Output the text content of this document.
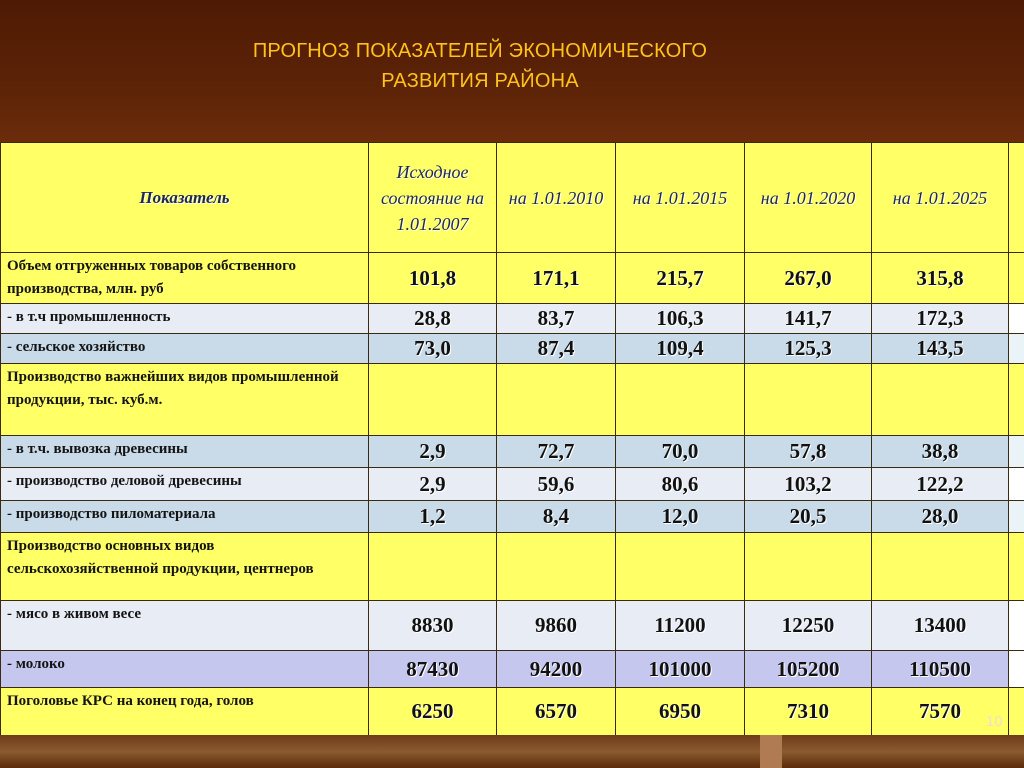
ПРОГНОЗ ПОКАЗАТЕЛЕЙ ЭКОНОМИЧЕСКОГО РАЗВИТИЯ РАЙОНА
Показатель	Исходное состояние на 1.01.2007	на 1.01.2010	на 1.01.2015	на 1.01.2020	на 1.01.2025	
Объем отгруженных товаров собственного производства, млн. руб	101,8	171,1	215,7	267,0	315,8	
- в т.ч промышленность	28,8	83,7	106,3	141,7	172,3	
- сельское хозяйство	73,0	87,4	109,4	125,3	143,5	
Производство важнейших видов промышленной продукции, тыс. куб.м.						
- в т.ч. вывозка древесины	2,9	72,7	70,0	57,8	38,8	
- производство деловой древесины	2,9	59,6	80,6	103,2	122,2	
- производство пиломатериала	1,2	8,4	12,0	20,5	28,0	
Производство основных видов сельскохозяйственной продукции, центнеров						
- мясо в живом весе	8830	9860	11200	12250	13400	
- молоко	87430	94200	101000	105200	110500	
Поголовье КРС на конец года, голов	6250	6570	6950	7310	7570	10
